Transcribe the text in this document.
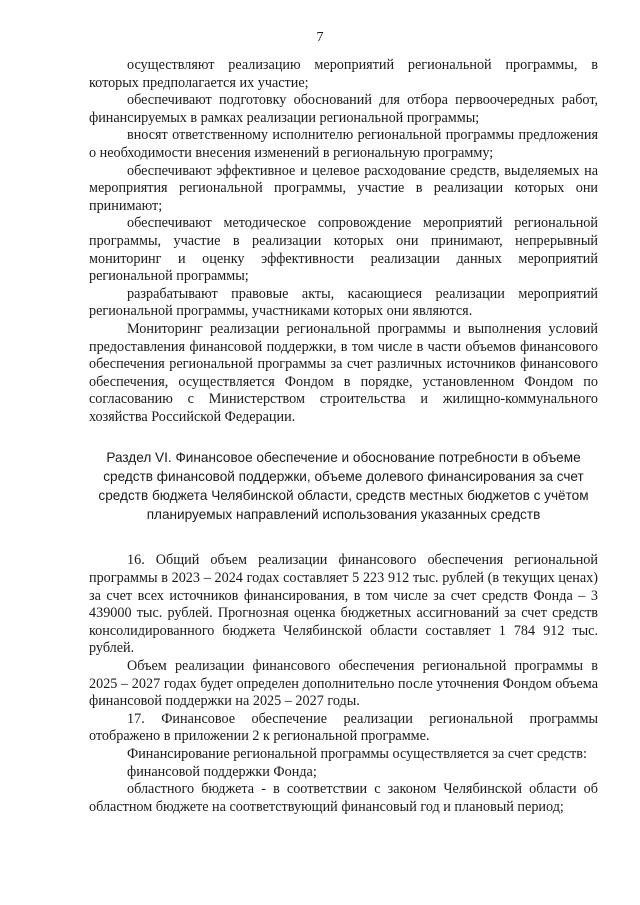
7

осуществляют реализацию мероприятий региональной программы, в которых предполагается их участие;

обеспечивают подготовку обоснований для отбора первоочередных работ, финансируемых в рамках реализации региональной программы;

вносят ответственному исполнителю региональной программы предложения о необходимости внесения изменений в региональную программу;

обеспечивают эффективное и целевое расходование средств, выделяемых на мероприятия региональной программы, участие в реализации которых они принимают;

обеспечивают методическое сопровождение мероприятий региональной программы, участие в реализации которых они принимают, непрерывный мониторинг и оценку эффективности реализации данных мероприятий региональной программы;

разрабатывают правовые акты, касающиеся реализации мероприятий региональной программы, участниками которых они являются.

Мониторинг реализации региональной программы и выполнения условий предоставления финансовой поддержки, в том числе в части объемов финансового обеспечения региональной программы за счет различных источников финансового обеспечения, осуществляется Фондом в порядке, установленном Фондом по согласованию с Министерством строительства и жилищно-коммунального хозяйства Российской Федерации.

Раздел VI. Финансовое обеспечение и обоснование потребности в объеме средств финансовой поддержки, объеме долевого финансирования за счет средств бюджета Челябинской области, средств местных бюджетов с учётом планируемых направлений использования указанных средств

16. Общий объем реализации финансового обеспечения региональной программы в 2023 – 2024 годах составляет 5 223 912 тыс. рублей (в текущих ценах) за счет всех источников финансирования, в том числе за счет средств Фонда – 3 439000 тыс. рублей. Прогнозная оценка бюджетных ассигнований за счет средств консолидированного бюджета Челябинской области составляет 1 784 912 тыс. рублей.

Объем реализации финансового обеспечения региональной программы в 2025 – 2027 годах будет определен дополнительно после уточнения Фондом объема финансовой поддержки на 2025 – 2027 годы.

17. Финансовое обеспечение реализации региональной программы отображено в приложении 2 к региональной программе.

Финансирование региональной программы осуществляется за счет средств:

финансовой поддержки Фонда;

областного бюджета - в соответствии с законом Челябинской области об областном бюджете на соответствующий финансовый год и плановый период;
